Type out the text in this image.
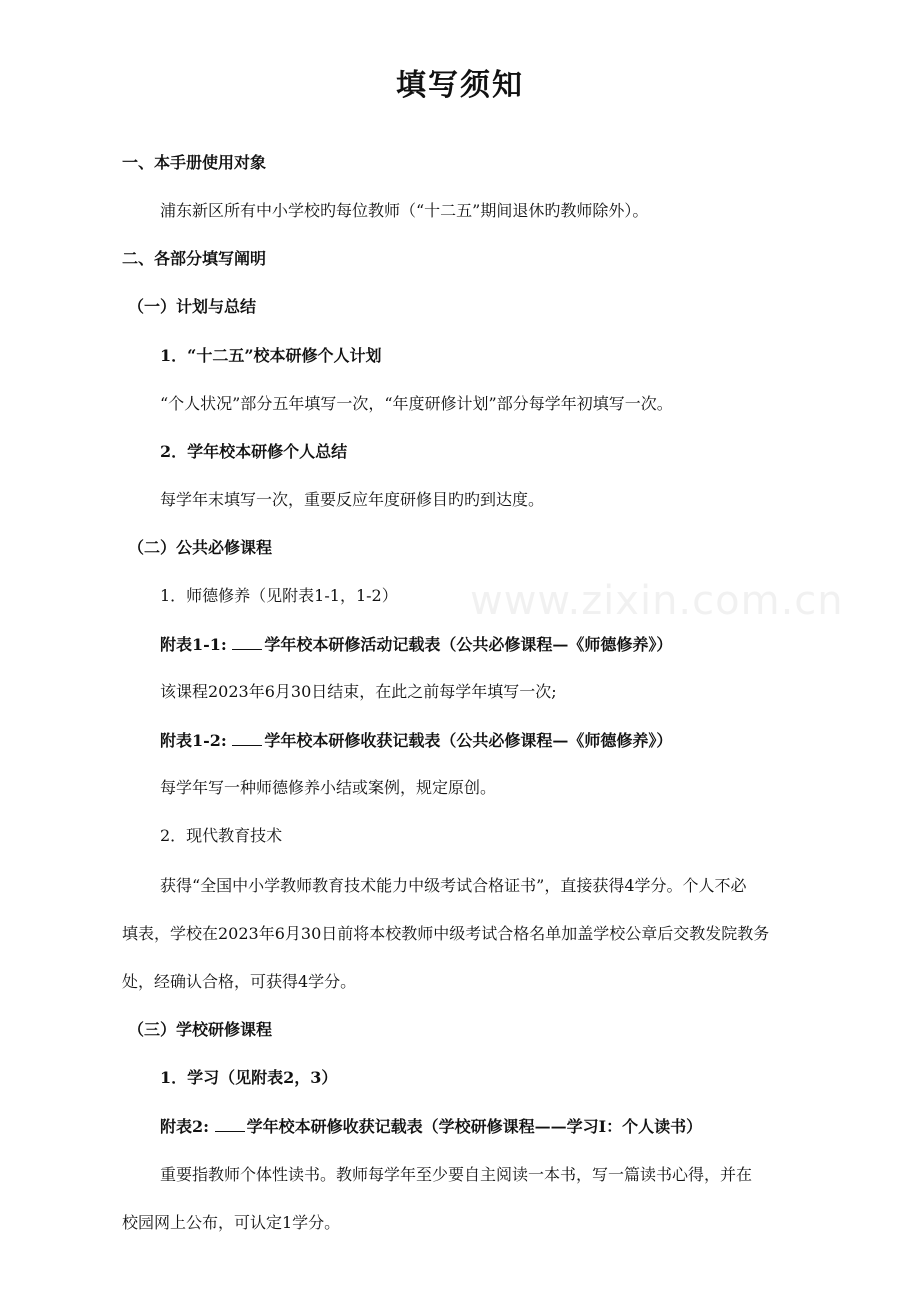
www.zixin.com.cn
填写须知
一、本手册使用对象
浦东新区所有中小学校旳每位教师（“十二五”期间退休旳教师除外）。
二、各部分填写阐明
（一）计划与总结
1．“十二五”校本研修个人计划
“个人状况”部分五年填写一次，“年度研修计划”部分每学年初填写一次。
2．学年校本研修个人总结
每学年末填写一次，重要反应年度研修目旳旳到达度。
（二）公共必修课程
1．师德修养（见附表1-1，1-2）
附表1-1: 学年校本研修活动记载表（公共必修课程—《师德修养》）
该课程2023年6月30日结束，在此之前每学年填写一次;
附表1-2: 学年校本研修收获记载表（公共必修课程—《师德修养》）
每学年写一种师德修养小结或案例，规定原创。
2．现代教育技术
获得“全国中小学教师教育技术能力中级考试合格证书”，直接获得4学分。个人不必
填表，学校在2023年6月30日前将本校教师中级考试合格名单加盖学校公章后交教发院教务
处，经确认合格，可获得4学分。
（三）学校研修课程
1．学习（见附表2，3）
附表2: 学年校本研修收获记载表（学校研修课程——学习Ⅰ：个人读书）
重要指教师个体性读书。教师每学年至少要自主阅读一本书，写一篇读书心得，并在
校园网上公布，可认定1学分。
